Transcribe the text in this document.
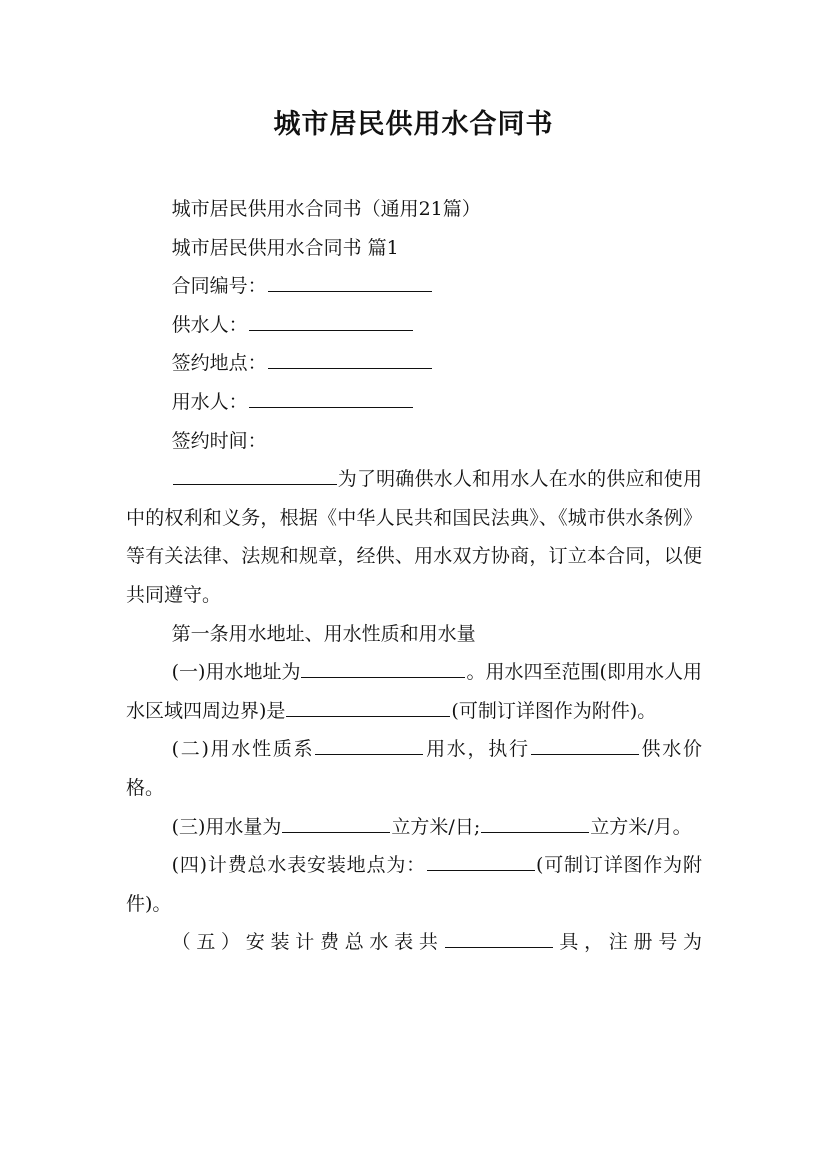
城市居民供用水合同书

城市居民供用水合同书（通用21篇）

城市居民供用水合同书 篇1

合同编号：

供水人：

签约地点：

用水人：

签约时间：

为了明确供水人和用水人在水的供应和使用中的权利和义务，根据《中华人民共和国民法典》、《城市供水条例》等有关法律、法规和规章，经供、用水双方协商，订立本合同，以便共同遵守。

第一条用水地址、用水性质和用水量

(一)用水地址为	。用水四至范围(即用水人用水区域四周边界)是	(可制订详图作为附件)。

(二)用水性质系	用水，执行	供水价格。

(三)用水量为	立方米/日;	立方米/月。

(四)计费总水表安装地点为：	(可制订详图作为附件)。

（五）安装计费总水表共	具，注册号为
